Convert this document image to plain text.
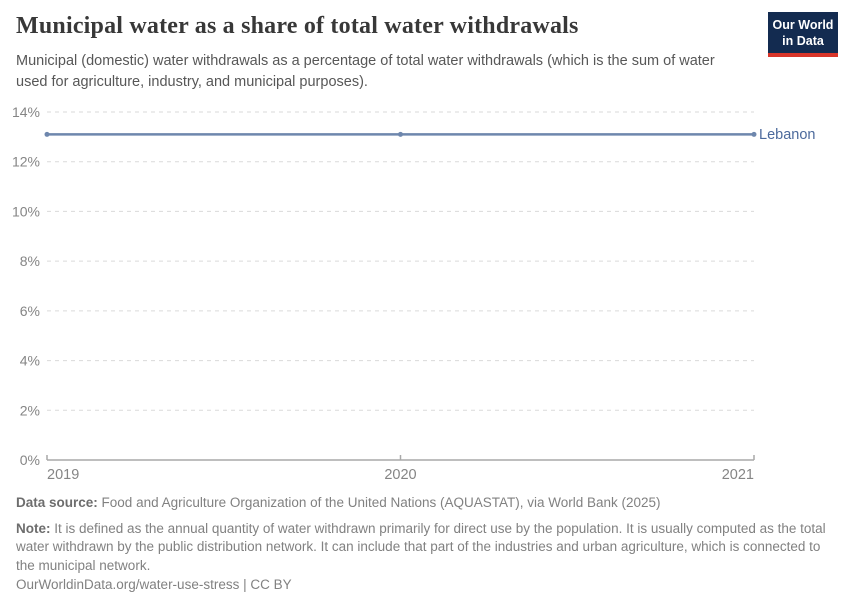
Municipal water as a share of total water withdrawals	Our World
in Data

Municipal (domestic) water withdrawals as a percentage of total water withdrawals (which is the sum of water used for agriculture, industry, and municipal purposes).

0%
2%
4%
6%
8%
10%
12%
14%
2019	2020	2021
Lebanon

Data source: Food and Agriculture Organization of the United Nations (AQUASTAT), via World Bank (2025)

Note: It is defined as the annual quantity of water withdrawn primarily for direct use by the population. It is usually computed as the total water withdrawn by the public distribution network. It can include that part of the industries and urban agriculture, which is connected to the municipal network.

OurWorldinData.org/water-use-stress | CC BY
